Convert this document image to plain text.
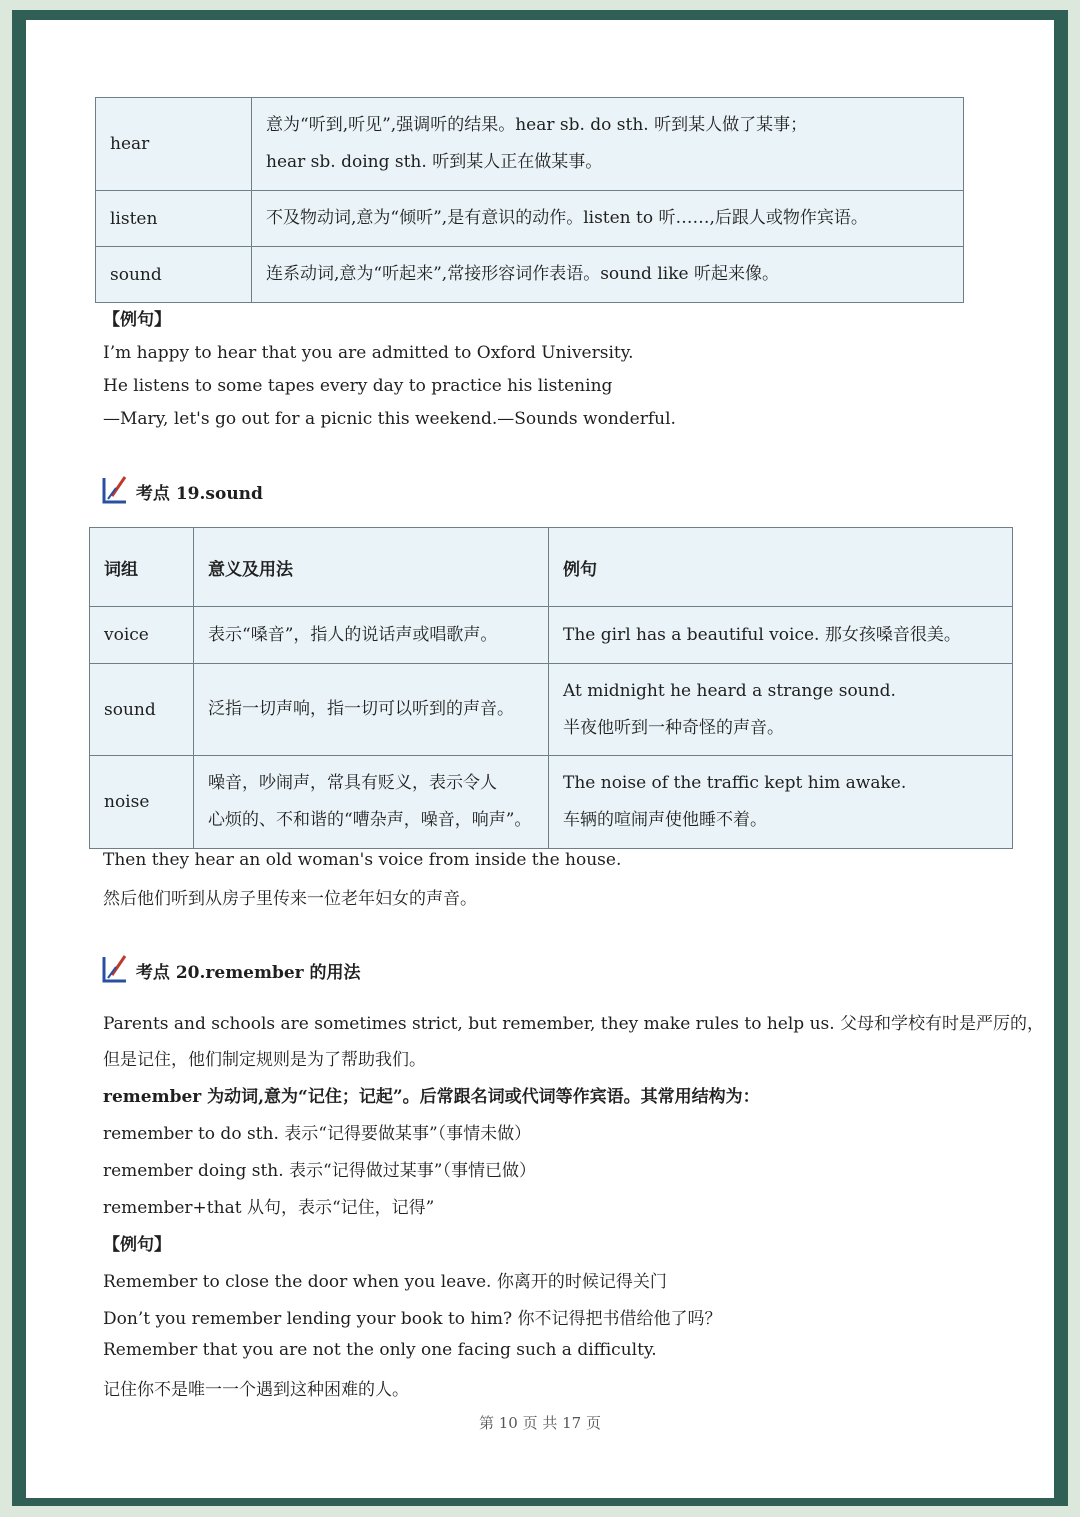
hear	意为“听到,听见”,强调听的结果。hear sb. do sth. 听到某人做了某事；
hear sb. doing sth. 听到某人正在做某事。

listen	不及物动词,意为“倾听”,是有意识的动作。listen to 听……,后跟人或物作宾语。

sound	连系动词,意为“听起来”,常接形容词作表语。sound like 听起来像。
【例句】
I’m happy to hear that you are admitted to Oxford University.
He listens to some tapes every day to practice his listening
—Mary, let's go out for a picnic this weekend.—Sounds wonderful.
考点 19.sound
词组	意义及用法	例句
voice	表示“嗓音”，指人的说话声或唱歌声。	The girl has a beautiful voice. 那女孩嗓音很美。

sound	泛指一切声响，指一切可以听到的声音。	At midnight he heard a strange sound.
半夜他听到一种奇怪的声音。

noise	噪音，吵闹声，常具有贬义，表示令人
心烦的、不和谐的“嘈杂声，噪音，响声”。	The noise of the traffic kept him awake.
车辆的喧闹声使他睡不着。
Then they hear an old woman's voice from inside the house.
然后他们听到从房子里传来一位老年妇女的声音。
考点 20.remember 的用法
Parents and schools are sometimes strict, but remember, they make rules to help us. 父母和学校有时是严厉的，
但是记住，他们制定规则是为了帮助我们。
remember 为动词,意为“记住；记起”。后常跟名词或代词等作宾语。其常用结构为：
remember to do sth. 表示“记得要做某事”（事情未做）
remember doing sth. 表示“记得做过某事”（事情已做）
remember+that 从句，表示“记住，记得”
【例句】
Remember to close the door when you leave. 你离开的时候记得关门
Don’t you remember lending your book to him? 你不记得把书借给他了吗？
Remember that you are not the only one facing such a difficulty.
记住你不是唯一一个遇到这种困难的人。
第 10 页 共 17 页
